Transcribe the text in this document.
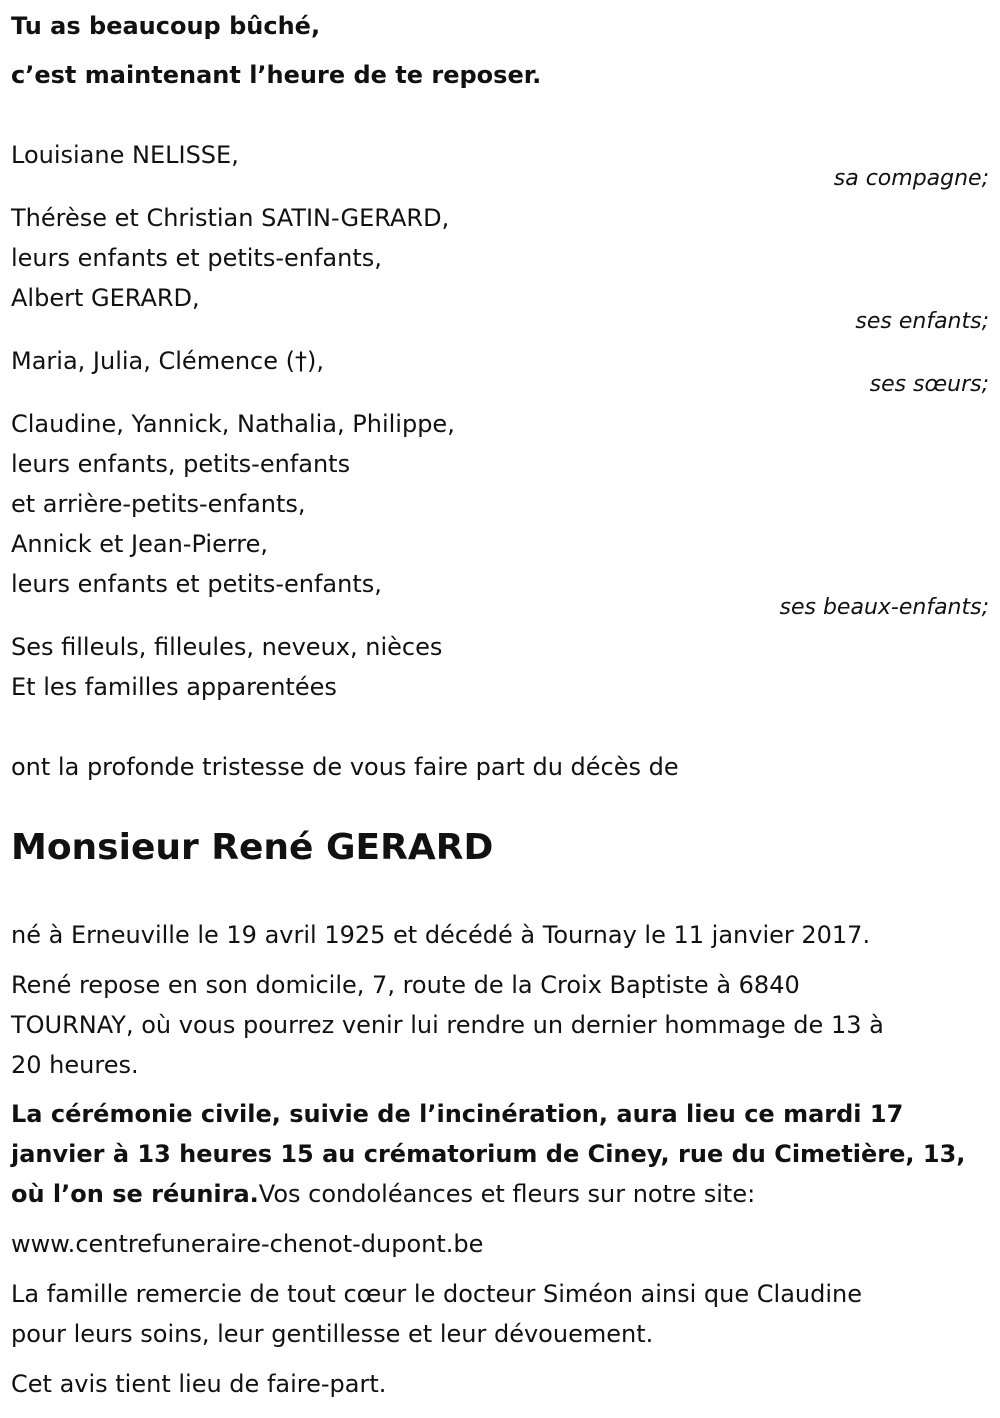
Tu as beaucoup bûché,

c’est maintenant l’heure de te reposer.

Louisiane NELISSE,

sa compagne;

Thérèse et Christian SATIN-GERARD,

leurs enfants et petits-enfants,

Albert GERARD,

ses enfants;

Maria, Julia, Clémence (†),

ses sœurs;

Claudine, Yannick, Nathalia, Philippe,

leurs enfants, petits-enfants

et arrière-petits-enfants,

Annick et Jean-Pierre,

leurs enfants et petits-enfants,

ses beaux-enfants;

Ses filleuls, filleules, neveux, nièces

Et les familles apparentées

ont la profonde tristesse de vous faire part du décès de

Monsieur René GERARD

né à Erneuville le 19 avril 1925 et décédé à Tournay le 11 janvier 2017.

René repose en son domicile, 7, route de la Croix Baptiste à 6840

TOURNAY, où vous pourrez venir lui rendre un dernier hommage de 13 à

20 heures.

La cérémonie civile, suivie de l’incinération, aura lieu ce mardi 17

janvier à 13 heures 15 au crématorium de Ciney, rue du Cimetière, 13,

où l’on se réunira.Vos condoléances et fleurs sur notre site:

www.centrefuneraire-chenot-dupont.be

La famille remercie de tout cœur le docteur Siméon ainsi que Claudine

pour leurs soins, leur gentillesse et leur dévouement.

Cet avis tient lieu de faire-part.
